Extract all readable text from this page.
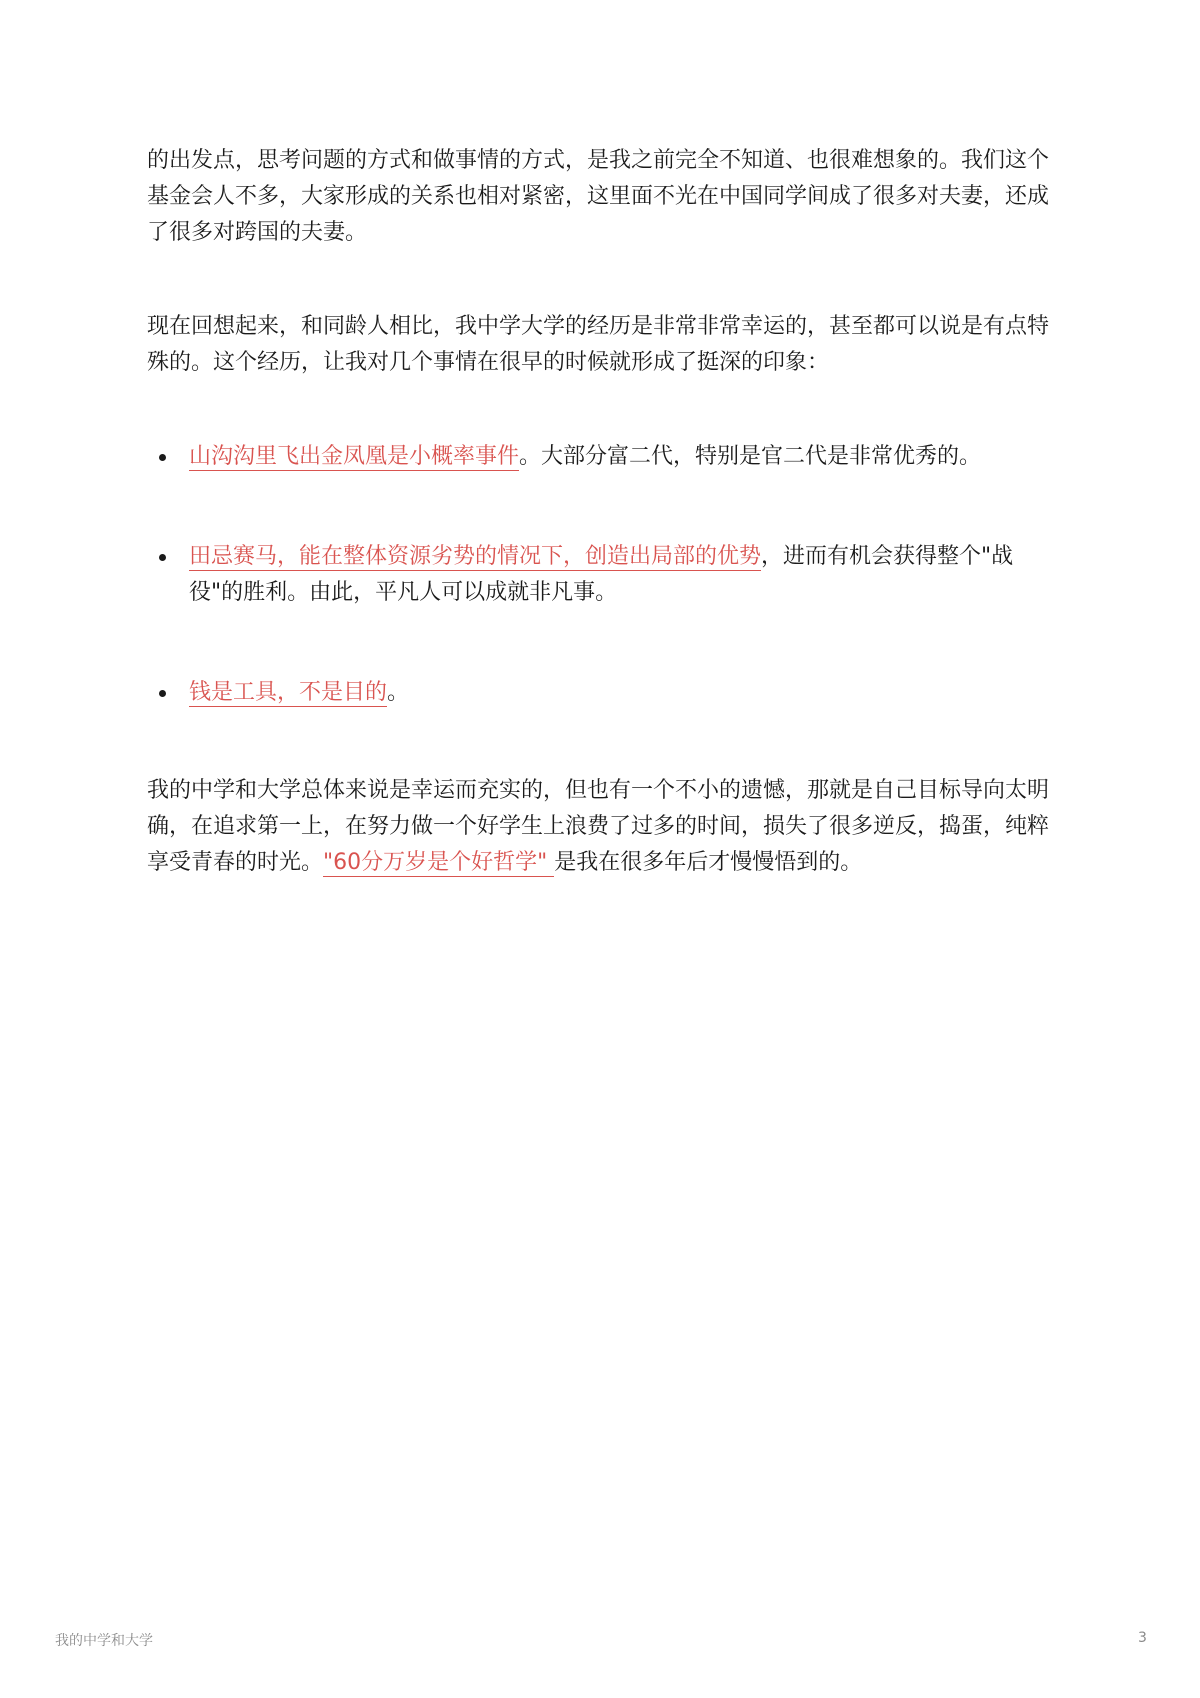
的出发点，思考问题的方式和做事情的方式，是我之前完全不知道、也很难想象的。我们这个基金会人不多，大家形成的关系也相对紧密，这里面不光在中国同学间成了很多对夫妻，还成了很多对跨国的夫妻。

现在回想起来，和同龄人相比，我中学大学的经历是非常非常幸运的，甚至都可以说是有点特殊的。这个经历，让我对几个事情在很早的时候就形成了挺深的印象：

山沟沟里飞出金凤凰是小概率事件。大部分富二代，特别是官二代是非常优秀的。
田忌赛马，能在整体资源劣势的情况下，创造出局部的优势，进而有机会获得整个"战役"的胜利。由此，平凡人可以成就非凡事。
钱是工具，不是目的。

我的中学和大学总体来说是幸运而充实的，但也有一个不小的遗憾，那就是自己目标导向太明确，在追求第一上，在努力做一个好学生上浪费了过多的时间，损失了很多逆反，捣蛋，纯粹享受青春的时光。"60分万岁是个好哲学" 是我在很多年后才慢慢悟到的。

我的中学和大学	3
